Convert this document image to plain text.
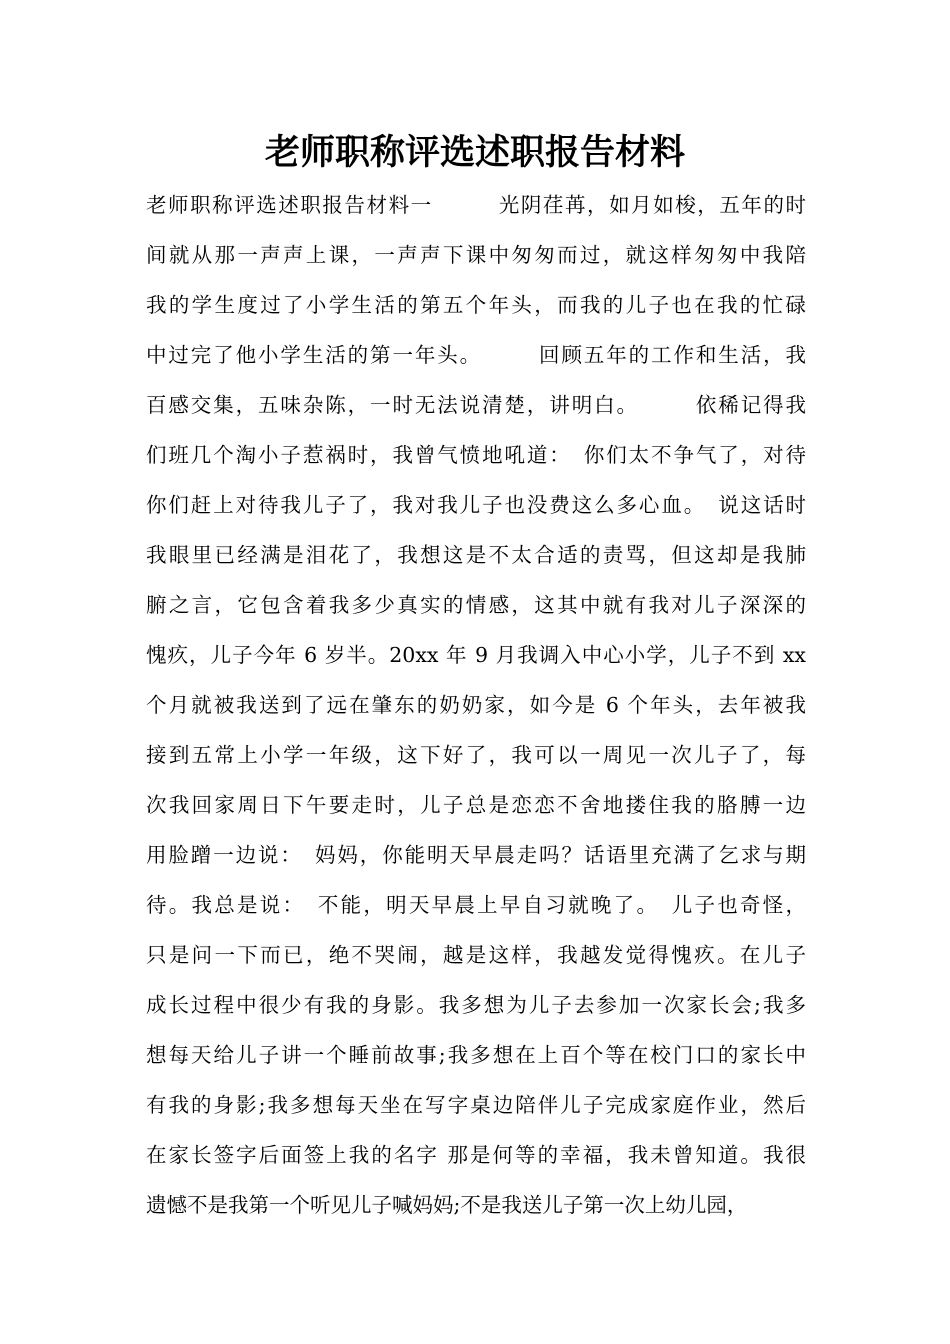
老师职称评选述职报告材料
老师职称评选述职报告材料一　　　光阴荏苒，如月如梭，五年的时
间就从那一声声上课，一声声下课中匆匆而过，就这样匆匆中我陪
我的学生度过了小学生活的第五个年头，而我的儿子也在我的忙碌
中过完了他小学生活的第一年头。　　　回顾五年的工作和生活，我
百感交集，五味杂陈，一时无法说清楚，讲明白。　　　依稀记得我
们班几个淘小子惹祸时，我曾气愤地吼道：　你们太不争气了，对待
你们赶上对待我儿子了，我对我儿子也没费这么多心血。　说这话时
我眼里已经满是泪花了，我想这是不太合适的责骂，但这却是我肺
腑之言，它包含着我多少真实的情感，这其中就有我对儿子深深的
愧疚，儿子今年 6 岁半。20xx 年 9 月我调入中心小学，儿子不到 xx
个月就被我送到了远在肇东的奶奶家，如今是 6 个年头，去年被我
接到五常上小学一年级，这下好了，我可以一周见一次儿子了，每
次我回家周日下午要走时，儿子总是恋恋不舍地搂住我的胳膊一边
用脸蹭一边说：　妈妈，你能明天早晨走吗？话语里充满了乞求与期
待。我总是说：　不能，明天早晨上早自习就晚了。　儿子也奇怪，
只是问一下而已，绝不哭闹，越是这样，我越发觉得愧疚。在儿子
成长过程中很少有我的身影。我多想为儿子去参加一次家长会;我多
想每天给儿子讲一个睡前故事;我多想在上百个等在校门口的家长中
有我的身影;我多想每天坐在写字桌边陪伴儿子完成家庭作业，然后
在家长签字后面签上我的名字 那是何等的幸福，我未曾知道。我很
遗憾不是我第一个听见儿子喊妈妈;不是我送儿子第一次上幼儿园，
